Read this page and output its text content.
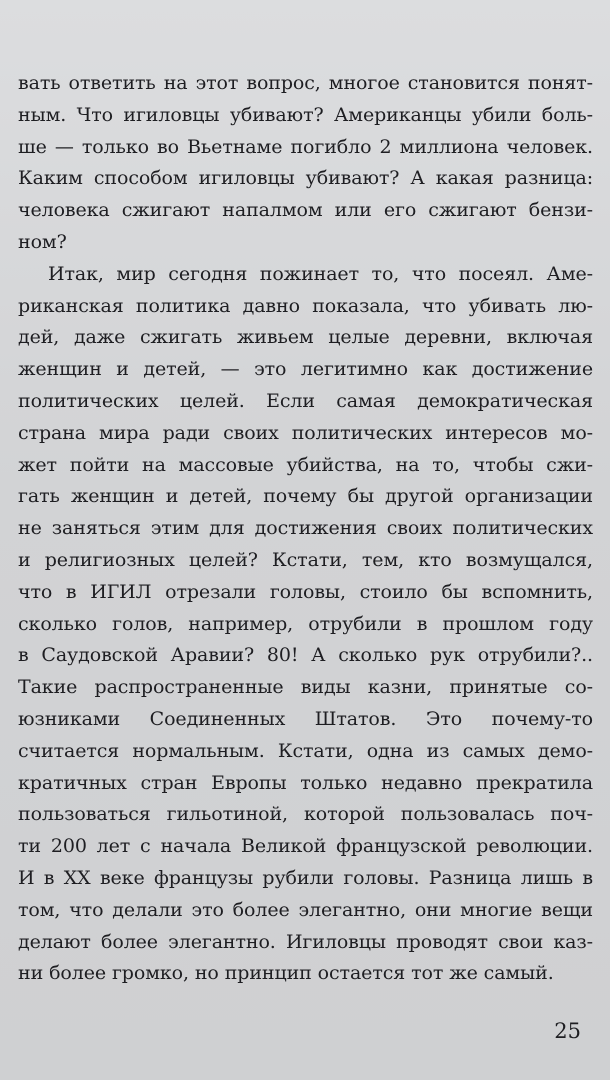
вать ответить на этот вопрос, многое становится понят-
ным. Что игиловцы убивают? Американцы убили боль-
ше — только во Вьетнаме погибло 2 миллиона человек.
Каким способом игиловцы убивают? А какая разница:
человека сжигают напалмом или его сжигают бензи-
ном?
Итак, мир сегодня пожинает то, что посеял. Аме-
риканская политика давно показала, что убивать лю-
дей, даже сжигать живьем целые деревни, включая
женщин и детей, — это легитимно как достижение
политических целей. Если самая демократическая
страна мира ради своих политических интересов мо-
жет пойти на массовые убийства, на то, чтобы сжи-
гать женщин и детей, почему бы другой организации
не заняться этим для достижения своих политических
и религиозных целей? Кстати, тем, кто возмущался,
что в ИГИЛ отрезали головы, стоило бы вспомнить,
сколько голов, например, отрубили в прошлом году
в Саудовской Аравии? 80! А сколько рук отрубили?..
Такие распространенные виды казни, принятые со-
юзниками Соединенных Штатов. Это почему-то
считается нормальным. Кстати, одна из самых демо-
кратичных стран Европы только недавно прекратила
пользоваться гильотиной, которой пользовалась поч-
ти 200 лет с начала Великой французской революции.
И в XX веке французы рубили головы. Разница лишь в
том, что делали это более элегантно, они многие вещи
делают более элегантно. Игиловцы проводят свои каз-
ни более громко, но принцип остается тот же самый.
25
